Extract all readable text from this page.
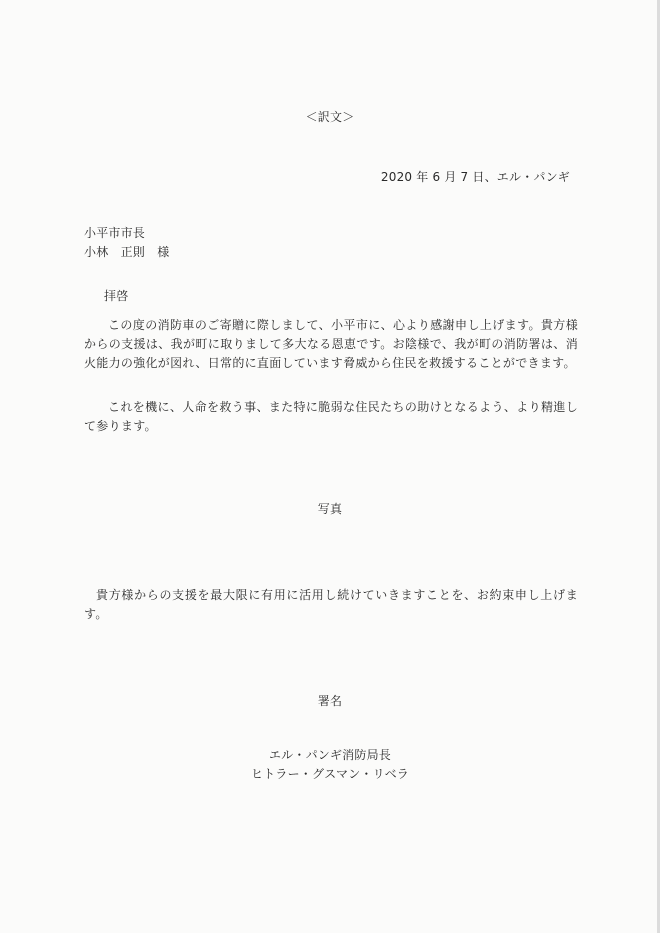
＜訳文＞
2020 年 6 月 7 日、エル・パンギ
小平市市長
小林　正則　様
拝啓
この度の消防車のご寄贈に際しまして、小平市に、心より感謝申し上げます。貴方様からの支援は、我が町に取りまして多大なる恩恵です。お陰様で、我が町の消防署は、消火能力の強化が図れ、日常的に直面しています脅威から住民を救援することができます。
これを機に、人命を救う事、また特に脆弱な住民たちの助けとなるよう、より精進して参ります。
写真
貴方様からの支援を最大限に有用に活用し続けていきますことを、お約束申し上げます。
署名
エル・パンギ消防局長
ヒトラー・グスマン・リベラ
